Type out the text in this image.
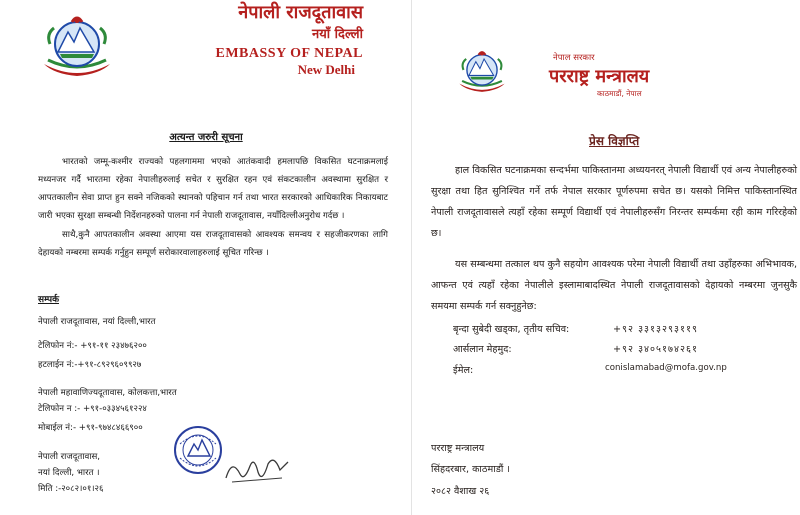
नेपाली राजदूतावास
नयाँ दिल्ली
EMBASSY OF NEPAL
New Delhi
अत्यन्त जरुरी सूचना

भारतको जम्मू-कश्मीर राज्यको पहलगाममा भएको आतंकवादी हमलापछि विकसित घटनाक्रमलाई मध्यनजर गर्दै भारतमा रहेका नेपालीहरुलाई सचेत र सुरक्षित रहन एवं संकटकालीन अवस्थामा सुरक्षित र आपतकालीन सेवा प्राप्त हुन सक्ने नजिकको स्थानको पहिचान गर्न तथा भारत सरकारको आधिकारिक निकायबाट जारी भएका सुरक्षा सम्बन्धी निर्देशनहरुको पालना गर्न नेपाली राजदूतावास, नयाँदिल्लीअनुरोध गर्दछ ।

साथै,कुनै आपतकालीन अवस्था आएमा यस राजदूतावासको आवश्यक समन्वय र सहजीकरणका लागि देहायको नम्बरमा सम्पर्क गर्नुहुन सम्पूर्ण सरोकारवालाहरुलाई सूचित गरिन्छ ।

सम्पर्क
नेपाली राजदूतावास, नयां दिल्ली,भारत
टेलिफोन नं:- +९१-११ २३४७६२००
हटलाईन नं:-+९१-८९२९६०९९२७
नेपाली महावाणिज्यदूतावास, कोलकत्ता,भारत
टेलिफोन न :- +९१-०३३४५६१२२४
मोबाईल नं:- +९१-९७४८४६६९००
नेपाली राजदूतावास,
नयां दिल्ली, भारत ।
मिति :-२०८२।०१।२६
नेपाल सरकार
परराष्ट्र मन्त्रालय
काठमाडौं, नेपाल
प्रेस विज्ञप्ति

हाल विकसित घटनाक्रमका सन्दर्भमा पाकिस्तानमा अध्ययनरत् नेपाली विद्यार्थी एवं अन्य नेपालीहरुको सुरक्षा तथा हित सुनिश्चित गर्ने तर्फ नेपाल सरकार पूर्णरुपमा सचेत छ। यसको निमित्त पाकिस्तानस्थित नेपाली राजदूतावासले त्यहाँ रहेका सम्पूर्ण विद्यार्थी एवं नेपालीहरुसँग निरन्तर सम्पर्कमा रही काम गरिरहेको छ।

यस सम्बन्धमा तत्काल थप कुनै सहयोग आवश्यक परेमा नेपाली विद्यार्थी तथा उहाँहरुका अभिभावक, आफन्त एवं त्यहाँ रहेका नेपालीले इस्लामाबादस्थित नेपाली राजदूतावासको देहायको नम्बरमा जुनसुकै समयमा सम्पर्क गर्न सक्नुहुनेछ:

बृन्दा सुबेदी खड्का, तृतीय सचिव:	+९२ ३३१३२९३११९
आर्सलान मेहमुद:	+९२ ३४०५१७४२६१
ईमेल:	conislamabad@mofa.gov.np
परराष्ट्र मन्त्रालय
सिंहदरबार, काठमाडौं ।
२०८२ वैशाख २६
